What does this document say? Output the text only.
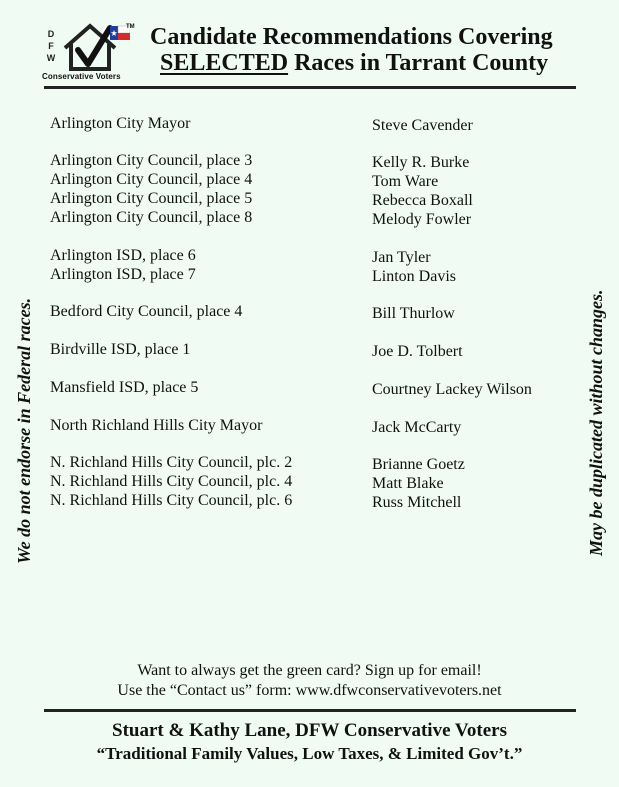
D
F
W
TM
Conservative Voters
Candidate Recommendations Covering
SELECTED Races in Tarrant County
We do not endorse in Federal races.	May be duplicated without changes.
Arlington City Mayor	Steve Cavender
Arlington City Council, place 3	Kelly R. Burke
Arlington City Council, place 4	Tom Ware
Arlington City Council, place 5	Rebecca Boxall
Arlington City Council, place 8	Melody Fowler
Arlington ISD, place 6	Jan Tyler
Arlington ISD, place 7	Linton Davis
Bedford City Council, place 4	Bill Thurlow
Birdville ISD, place 1	Joe D. Tolbert
Mansfield ISD, place 5	Courtney Lackey Wilson
North Richland Hills City Mayor	Jack McCarty
N. Richland Hills City Council, plc. 2	Brianne Goetz
N. Richland Hills City Council, plc. 4	Matt Blake
N. Richland Hills City Council, plc. 6	Russ Mitchell
Want to always get the green card? Sign up for email!
Use the “Contact us” form: www.dfwconservativevoters.net
Stuart & Kathy Lane, DFW Conservative Voters
“Traditional Family Values, Low Taxes, & Limited Gov’t.”
